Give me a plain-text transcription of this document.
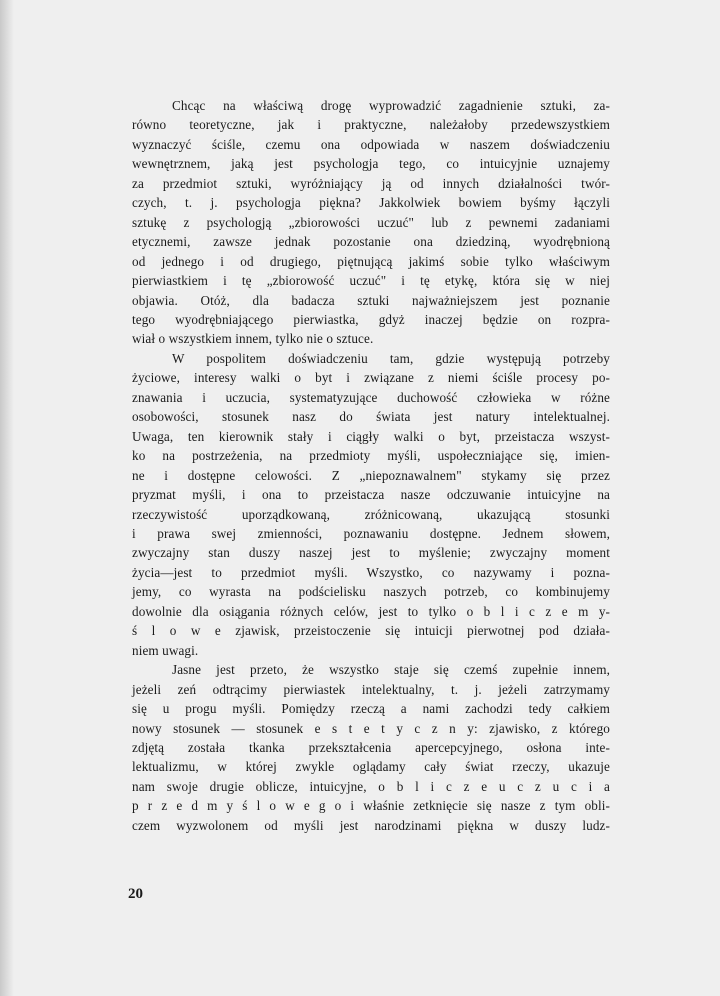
Chcąc na właściwą drogę wyprowadzić zagadnienie sztuki, za-
równo teoretyczne, jak i praktyczne, należałoby przedewszystkiem
wyznaczyć ściśle, czemu ona odpowiada w naszem doświadczeniu
wewnętrznem, jaką jest psychologja tego, co intuicyjnie uznajemy
za przedmiot sztuki, wyróżniający ją od innych działalności twór-
czych, t. j. psychologja piękna? Jakkolwiek bowiem byśmy łączyli
sztukę z psychologją „zbiorowości uczuć" lub z pewnemi zadaniami
etycznemi, zawsze jednak pozostanie ona dziedziną, wyodrębnioną
od jednego i od drugiego, piętnującą jakimś sobie tylko właściwym
pierwiastkiem i tę „zbiorowość uczuć" i tę etykę, która się w niej
objawia. Otóż, dla badacza sztuki najważniejszem jest poznanie
tego wyodrębniającego pierwiastka, gdyż inaczej będzie on rozpra-
wiał o wszystkiem innem, tylko nie o sztuce.
W pospolitem doświadczeniu tam, gdzie występują potrzeby
życiowe, interesy walki o byt i związane z niemi ściśle procesy po-
znawania i uczucia, systematyzujące duchowość człowieka w różne
osobowości, stosunek nasz do świata jest natury intelektualnej.
Uwaga, ten kierownik stały i ciągły walki o byt, przeistacza wszyst-
ko na postrzeżenia, na przedmioty myśli, uspołeczniające się, imien-
ne i dostępne celowości. Z „niepoznawalnem" stykamy się przez
pryzmat myśli, i ona to przeistacza nasze odczuwanie intuicyjne na
rzeczywistość uporządkowaną, zróżnicowaną, ukazującą stosunki
i prawa swej zmienności, poznawaniu dostępne. Jednem słowem,
zwyczajny stan duszy naszej jest to myślenie; zwyczajny moment
życia—jest to przedmiot myśli. Wszystko, co nazywamy i pozna-
jemy, co wyrasta na podścielisku naszych potrzeb, co kombinujemy
dowolnie dla osiągania różnych celów, jest to tylko o b l i c z e m y-
ś l o w e zjawisk, przeistoczenie się intuicji pierwotnej pod działa-
niem uwagi.
Jasne jest przeto, że wszystko staje się czemś zupełnie innem,
jeżeli zeń odtrącimy pierwiastek intelektualny, t. j. jeżeli zatrzymamy
się u progu myśli. Pomiędzy rzeczą a nami zachodzi tedy całkiem
nowy stosunek — stosunek e s t e t y c z n y: zjawisko, z którego
zdjętą została tkanka przekształcenia apercepcyjnego, osłona inte-
lektualizmu, w której zwykle oglądamy cały świat rzeczy, ukazuje
nam swoje drugie oblicze, intuicyjne, o b l i c z e u c z u c i a
p r z e d m y ś l o w e g o i właśnie zetknięcie się nasze z tym obli-
czem wyzwolonem od myśli jest narodzinami piękna w duszy ludz-
20
